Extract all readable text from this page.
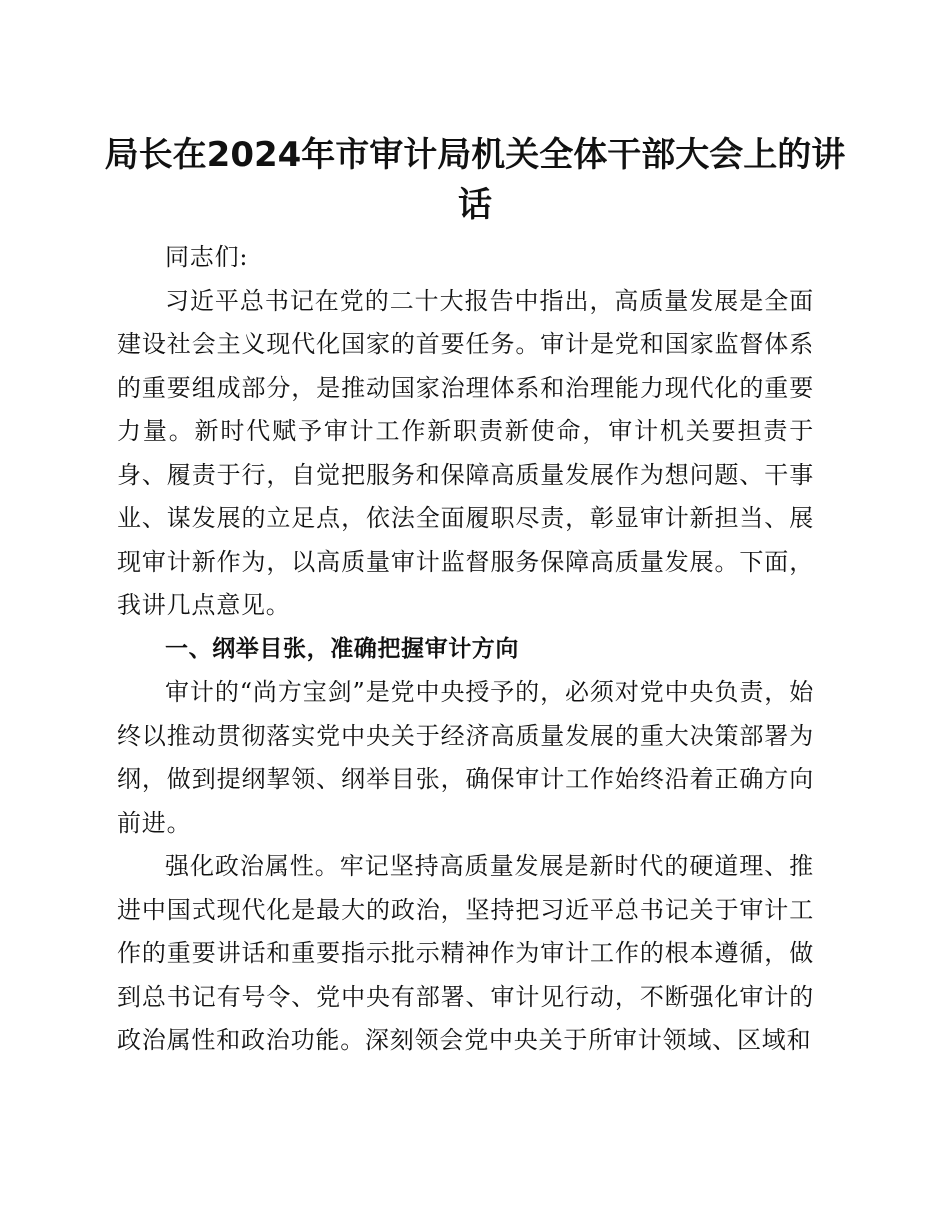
局长在2024年市审计局机关全体干部大会上的讲话

同志们:

习近平总书记在党的二十大报告中指出，高质量发展是全面建设社会主义现代化国家的首要任务。审计是党和国家监督体系的重要组成部分，是推动国家治理体系和治理能力现代化的重要力量。新时代赋予审计工作新职责新使命，审计机关要担责于身、履责于行，自觉把服务和保障高质量发展作为想问题、干事业、谋发展的立足点，依法全面履职尽责，彰显审计新担当、展现审计新作为，以高质量审计监督服务保障高质量发展。下面，我讲几点意见。

一、纲举目张，准确把握审计方向

审计的“尚方宝剑”是党中央授予的，必须对党中央负责，始终以推动贯彻落实党中央关于经济高质量发展的重大决策部署为纲，做到提纲挈领、纲举目张，确保审计工作始终沿着正确方向前进。

强化政治属性。牢记坚持高质量发展是新时代的硬道理、推进中国式现代化是最大的政治，坚持把习近平总书记关于审计工作的重要讲话和重要指示批示精神作为审计工作的根本遵循，做到总书记有号令、党中央有部署、审计见行动，不断强化审计的政治属性和政治功能。深刻领会党中央关于所审计领域、区域和
